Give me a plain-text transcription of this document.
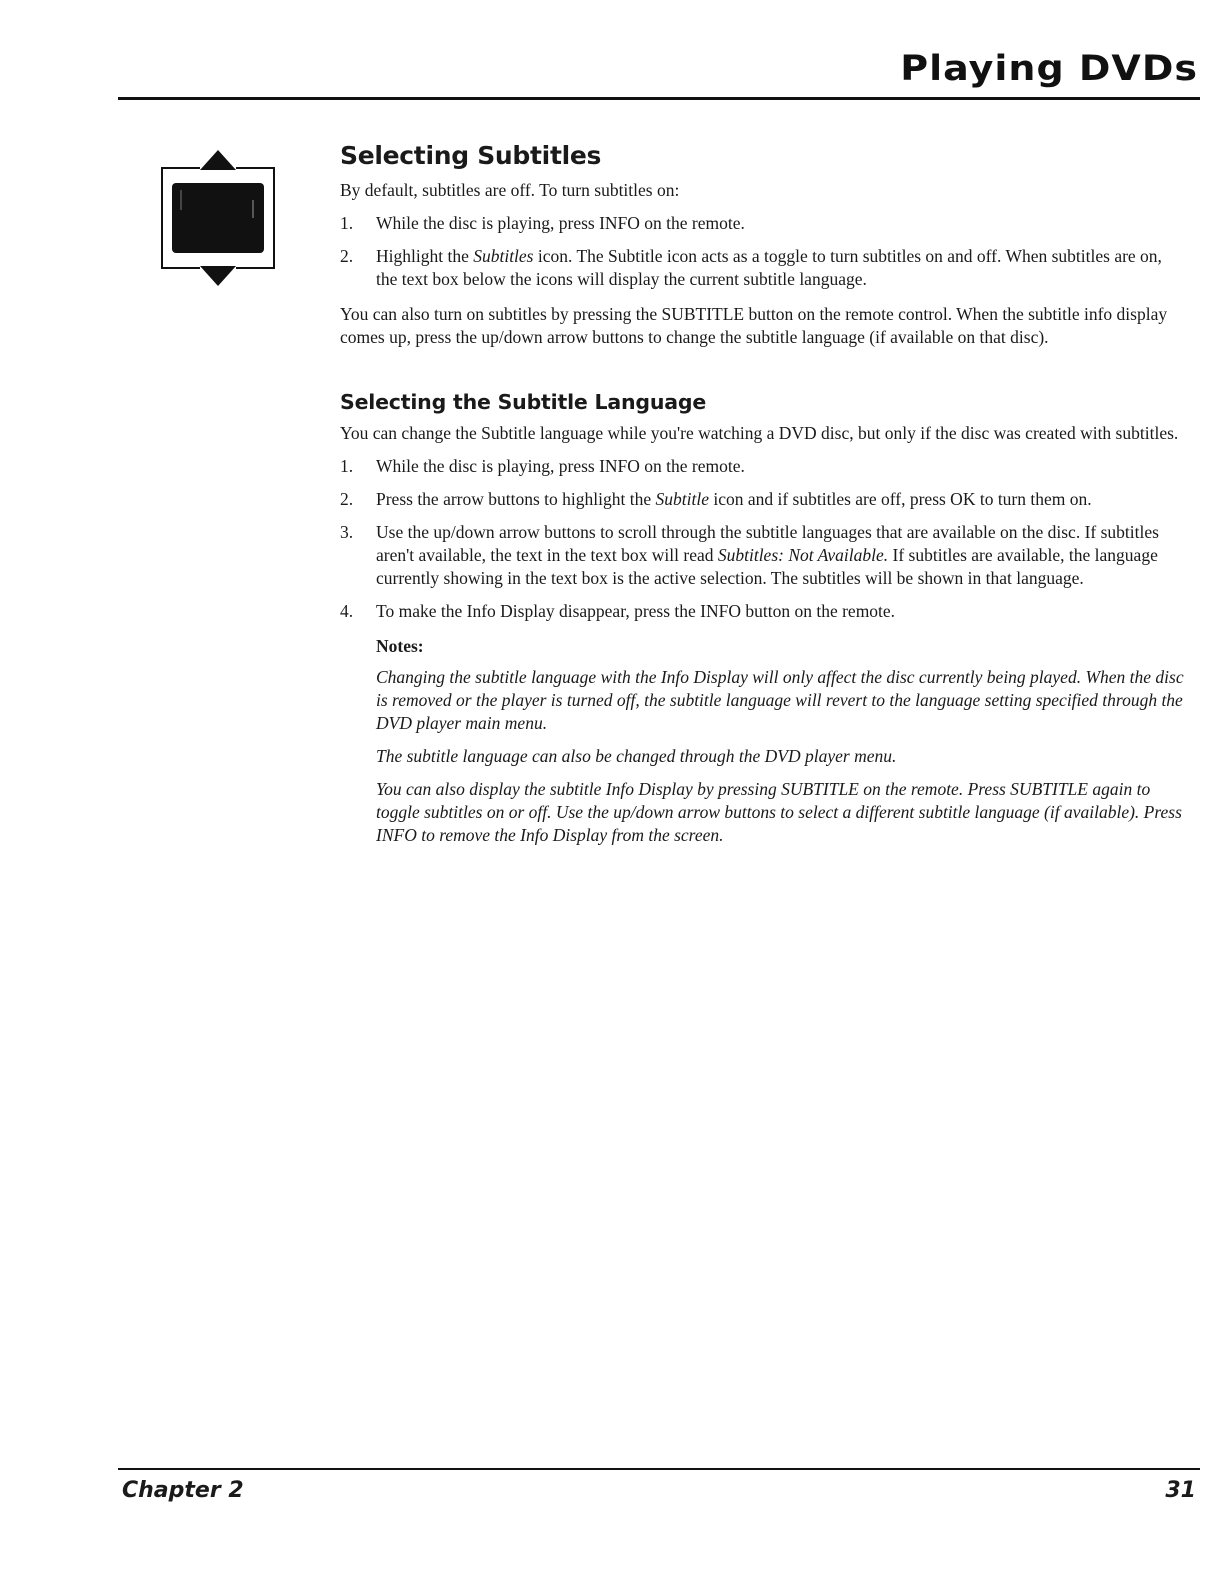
Playing DVDs
Selecting Subtitles

By default, subtitles are off. To turn subtitles on:

1. While the disc is playing, press INFO on the remote.
2. Highlight the Subtitles icon. The Subtitle icon acts as a toggle to turn subtitles on and off. When subtitles are on, the text box below the icons will display the current subtitle language.

You can also turn on subtitles by pressing the SUBTITLE button on the remote control. When the subtitle info display comes up, press the up/down arrow buttons to change the subtitle language (if available on that disc).

Selecting the Subtitle Language

You can change the Subtitle language while you're watching a DVD disc, but only if the disc was created with subtitles.

1. While the disc is playing, press INFO on the remote.
2. Press the arrow buttons to highlight the Subtitle icon and if subtitles are off, press OK to turn them on.
3. Use the up/down arrow buttons to scroll through the subtitle languages that are available on the disc. If subtitles aren't available, the text in the text box will read Subtitles: Not Available. If subtitles are available, the language currently showing in the text box is the active selection. The subtitles will be shown in that language.
4. To make the Info Display disappear, press the INFO button on the remote.
Notes:

Changing the subtitle language with the Info Display will only affect the disc currently being played. When the disc is removed or the player is turned off, the subtitle language will revert to the language setting specified through the DVD player main menu.

The subtitle language can also be changed through the DVD player menu.

You can also display the subtitle Info Display by pressing SUBTITLE on the remote. Press SUBTITLE again to toggle subtitles on or off. Use the up/down arrow buttons to select a different subtitle language (if available). Press INFO to remove the Info Display from the screen.

Chapter 2	31
